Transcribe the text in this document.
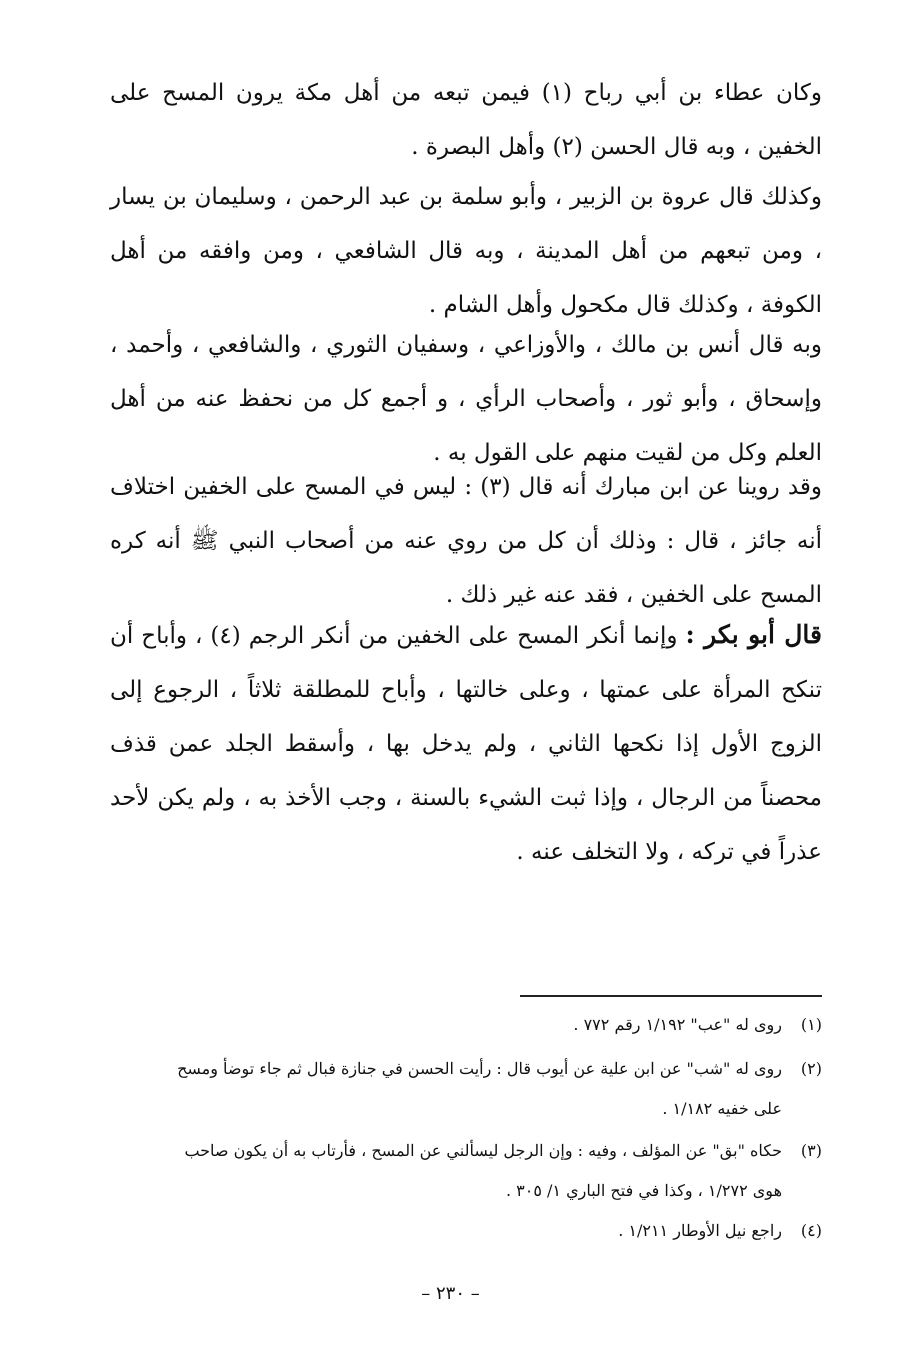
وكان عطاء بن أبي رباح (١) فيمن تبعه من أهل مكة يرون المسح على الخفين ، وبه قال الحسن (٢) وأهل البصرة .

وكذلك قال عروة بن الزبير ، وأبو سلمة بن عبد الرحمن ، وسليمان بن يسار ، ومن تبعهم من أهل المدينة ، وبه قال الشافعي ، ومن وافقه من أهل الكوفة ، وكذلك قال مكحول وأهل الشام .

وبه قال أنس بن مالك ، والأوزاعي ، وسفيان الثوري ، والشافعي ، وأحمد ، وإسحاق ، وأبو ثور ، وأصحاب الرأي ، و أجمع كل من نحفظ عنه من أهل العلم وكل من لقيت منهم على القول به .

وقد روينا عن ابن مبارك أنه قال (٣) : ليس في المسح على الخفين اختلاف أنه جائز ، قال : وذلك أن كل من روي عنه من أصحاب النبي ﷺ أنه كره المسح على الخفين ، فقد عنه غير ذلك .

قال أبو بكر : وإنما أنكر المسح على الخفين من أنكر الرجم (٤) ، وأباح أن تنكح المرأة على عمتها ، وعلى خالتها ، وأباح للمطلقة ثلاثاً ، الرجوع إلى الزوج الأول إذا نكحها الثاني ، ولم يدخل بها ، وأسقط الجلد عمن قذف محصناً من الرجال ، وإذا ثبت الشيء بالسنة ، وجب الأخذ به ، ولم يكن لأحد عذراً في تركه ، ولا التخلف عنه .

(١)روى له "عب" ١/١٩٢ رقم ٧٧٢ .

(٢)روى له "شب" عن ابن علية عن أيوب قال : رأيت الحسن في جنازة فبال ثم جاء توضأ ومسح

على خفيه ١/١٨٢ .

(٣)حكاه "بق" عن المؤلف ، وفيه : وإن الرجل ليسألني عن المسح ، فأرتاب به أن يكون صاحب

هوى ١/٢٧٢ ، وكذا في فتح الباري ١/ ٣٠٥ .

(٤)راجع نيل الأوطار ١/٢١١ .

– ٢٣٠ –
